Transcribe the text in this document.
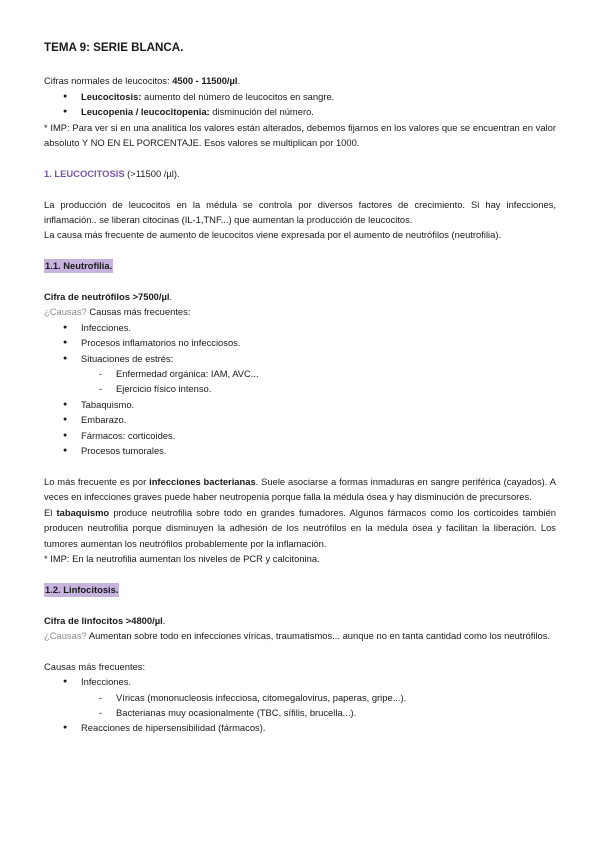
TEMA 9: SERIE BLANCA.

Cifras normales de leucocitos: 4500 - 11500/µl.

● Leucocitosis: aumento del número de leucocitos en sangre.
● Leucopenia / leucocitopenia: disminución del número.

* IMP: Para ver si en una analítica los valores están alterados, debemos fijarnos en los valores que se encuentran en valor absoluto Y NO EN EL PORCENTAJE. Esos valores se multiplican por 1000.

1. LEUCOCITOSIS (>11500 /µl).

La producción de leucocitos en la médula se controla por diversos factores de crecimiento. Si hay infecciones, inflamación.. se liberan citocinas (IL-1,TNF...) que aumentan la producción de leucocitos.

La causa más frecuente de aumento de leucocitos viene expresada por el aumento de neutrófilos (neutrofilia).

1.1. Neutrofilia.

Cifra de neutrófilos >7500/µl.

¿Causas? Causas más frecuentes:

● Infecciones.
● Procesos inflamatorios no infecciosos.
● Situaciones de estrés:
- Enfermedad orgánica: IAM, AVC...
- Ejercicio físico intenso.
● Tabaquismo.
● Embarazo.
● Fármacos: corticoides.
● Procesos tumorales.

Lo más frecuente es por infecciones bacterianas. Suele asociarse a formas inmaduras en sangre periférica (cayados). A veces en infecciones graves puede haber neutropenia porque falla la médula ósea y hay disminución de precursores.

El tabaquismo produce neutrofilia sobre todo en grandes fumadores. Algunos fármacos como los corticoides también producen neutrofilia porque disminuyen la adhesión de los neutrófilos en la médula ósea y facilitan la liberación. Los tumores aumentan los neutrófilos probablemente por la inflamación.

* IMP: En la neutrofilia aumentan los niveles de PCR y calcitonina.

1.2. Linfocitosis.

Cifra de linfocitos >4800/µl.

¿Causas? Aumentan sobre todo en infecciones víricas, traumatismos... aunque no en tanta cantidad como los neutrófilos.

Causas más frecuentes:

● Infecciones.
- Víricas (mononucleosis infecciosa, citomegalovirus, paperas, gripe...).
- Bacterianas muy ocasionalmente (TBC, sífilis, brucella...).
● Reacciones de hipersensibilidad (fármacos).
